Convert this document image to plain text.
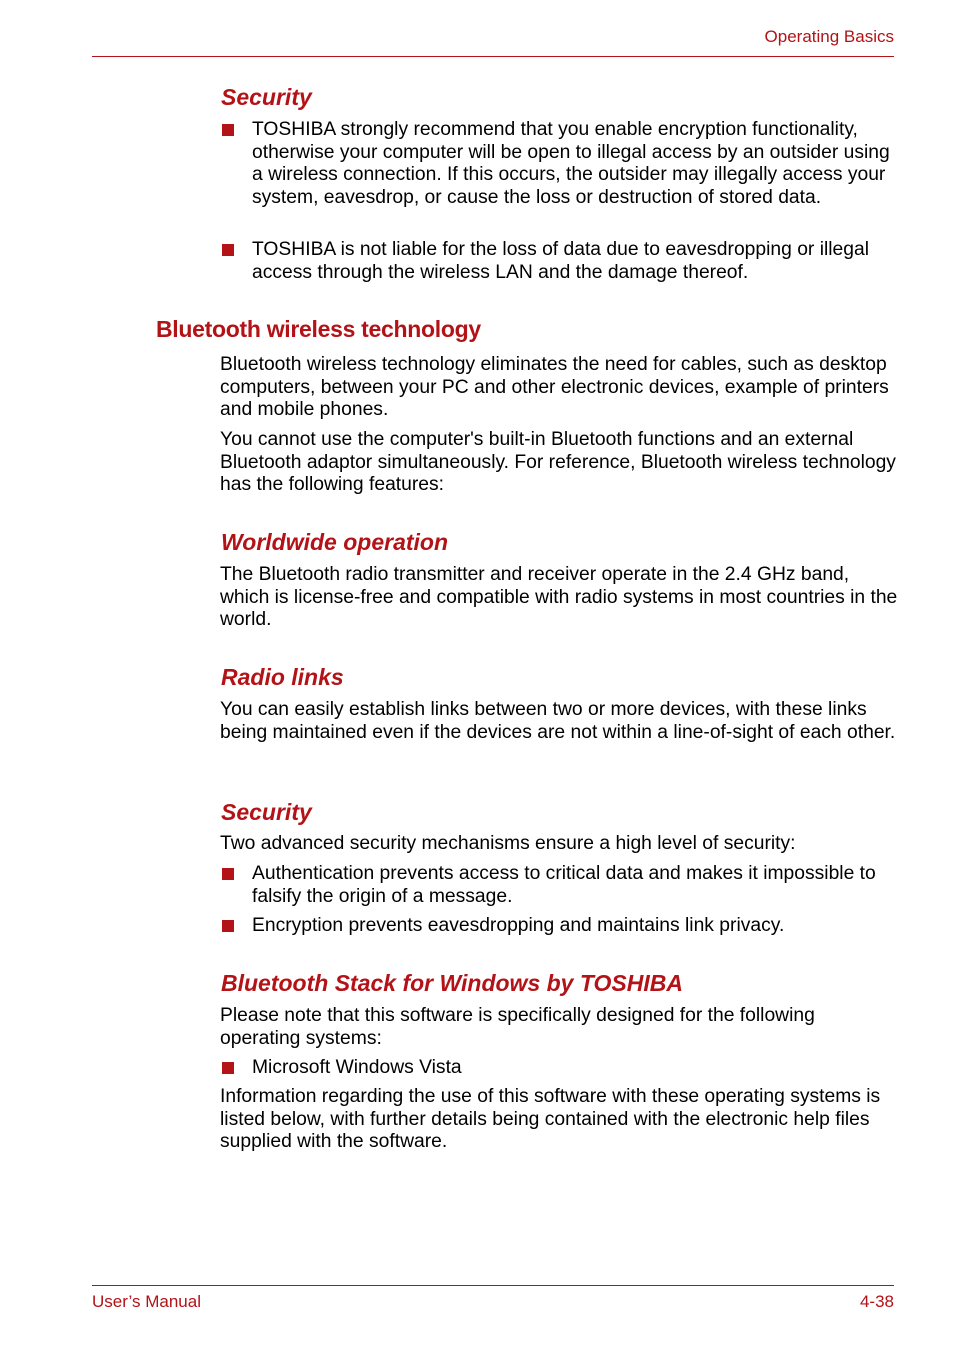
Operating Basics
Security
TOSHIBA strongly recommend that you enable encryption functionality, otherwise your computer will be open to illegal access by an outsider using a wireless connection. If this occurs, the outsider may illegally access your system, eavesdrop, or cause the loss or destruction of stored data.
TOSHIBA is not liable for the loss of data due to eavesdropping or illegal access through the wireless LAN and the damage thereof.
Bluetooth wireless technology

Bluetooth wireless technology eliminates the need for cables, such as desktop computers, between your PC and other electronic devices, example of printers and mobile phones.

You cannot use the computer's built-in Bluetooth functions and an external Bluetooth adaptor simultaneously. For reference, Bluetooth wireless technology has the following features:

Worldwide operation

The Bluetooth radio transmitter and receiver operate in the 2.4 GHz band, which is license-free and compatible with radio systems in most countries in the world.

Radio links

You can easily establish links between two or more devices, with these links being maintained even if the devices are not within a line-of-sight of each other.

Security

Two advanced security mechanisms ensure a high level of security:

Authentication prevents access to critical data and makes it impossible to falsify the origin of a message.
Encryption prevents eavesdropping and maintains link privacy.
Bluetooth Stack for Windows by TOSHIBA

Please note that this software is specifically designed for the following operating systems:

Microsoft Windows Vista

Information regarding the use of this software with these operating systems is listed below, with further details being contained with the electronic help files supplied with the software.

User’s Manual	4-38
